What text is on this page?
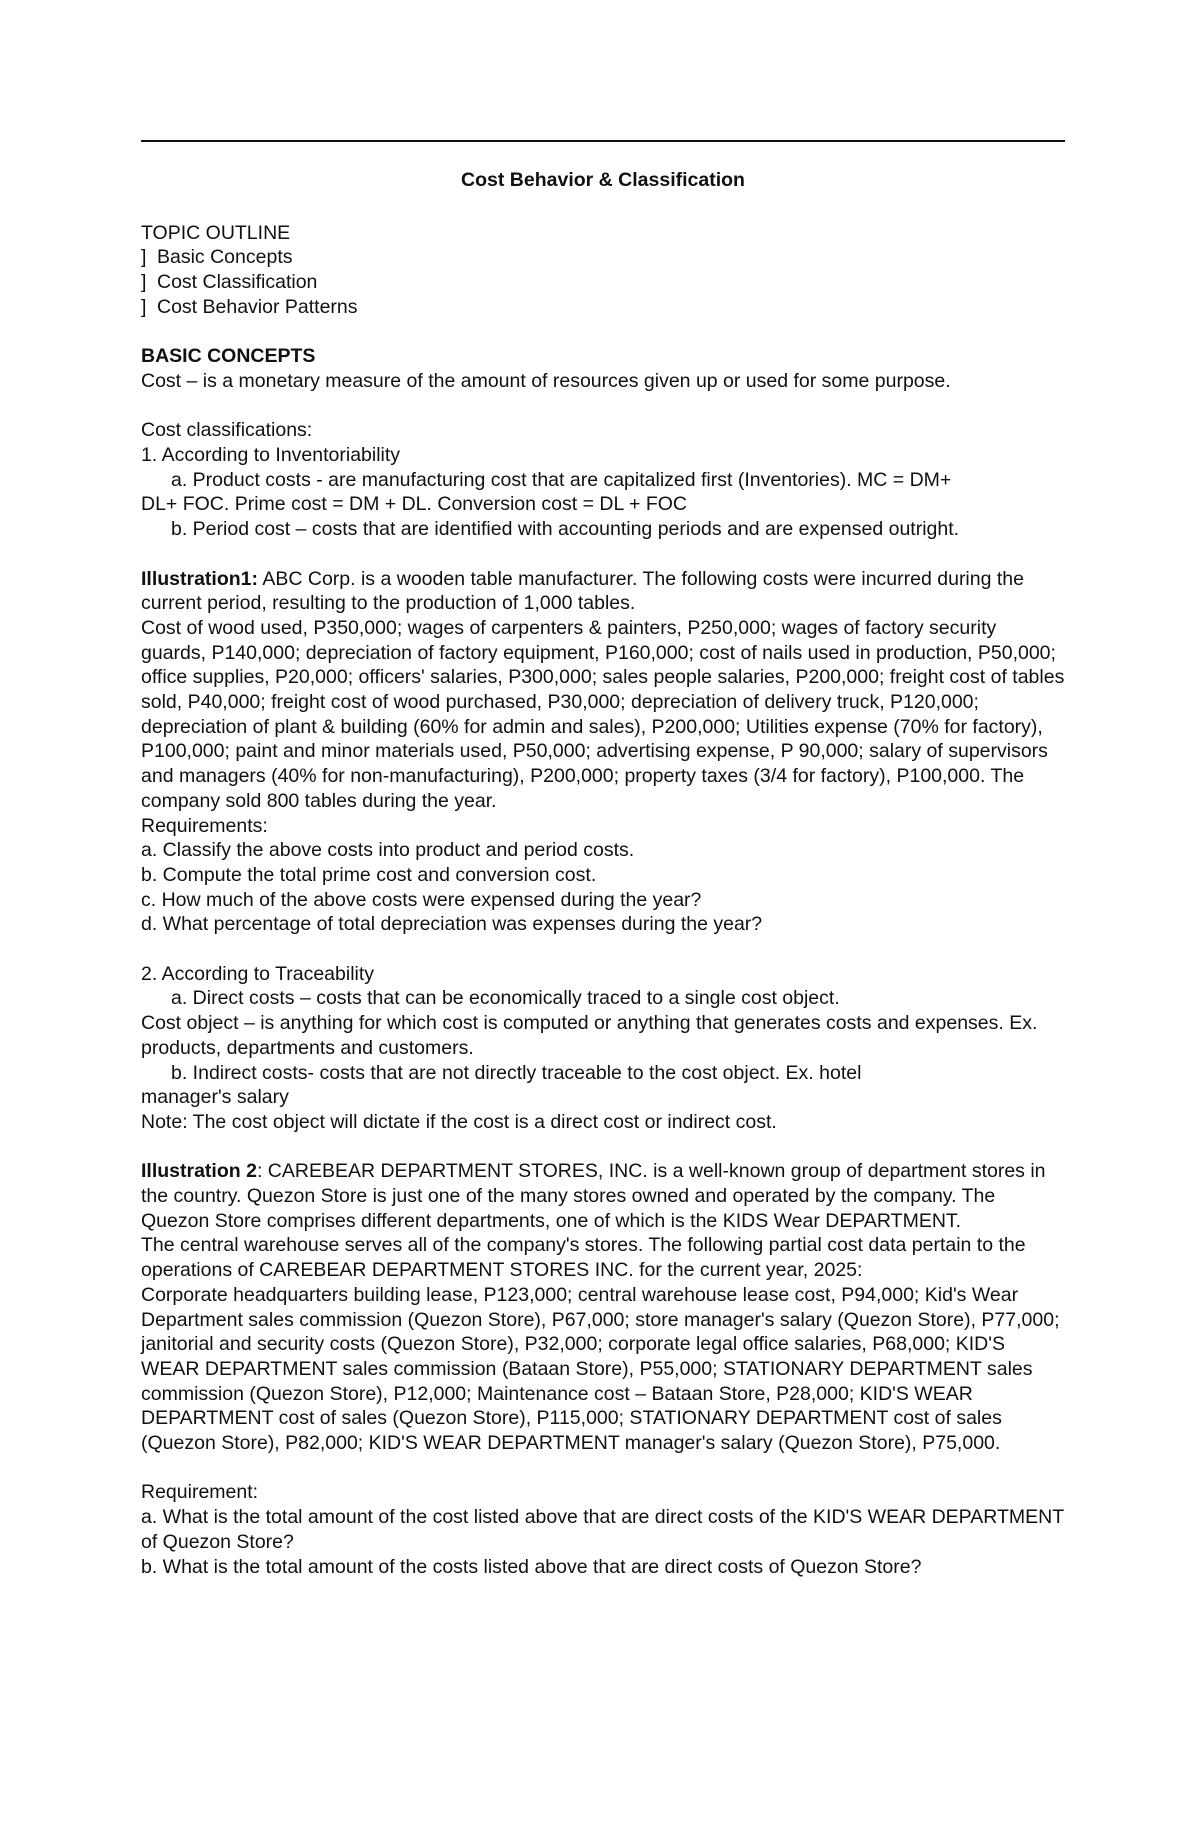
Cost Behavior & Classification

TOPIC OUTLINE

] Basic Concepts

] Cost Classification

] Cost Behavior Patterns

BASIC CONCEPTS

Cost – is a monetary measure of the amount of resources given up or used for some purpose.

Cost classifications:

1. According to Inventoriability

a. Product costs - are manufacturing cost that are capitalized first (Inventories). MC = DM+

DL+ FOC. Prime cost = DM + DL. Conversion cost = DL + FOC

b. Period cost – costs that are identified with accounting periods and are expensed outright.

Illustration1: ABC Corp. is a wooden table manufacturer. The following costs were incurred during the current period, resulting to the production of 1,000 tables.

Cost of wood used, P350,000; wages of carpenters & painters, P250,000; wages of factory security guards, P140,000; depreciation of factory equipment, P160,000; cost of nails used in production, P50,000; office supplies, P20,000; officers' salaries, P300,000; sales people salaries, P200,000; freight cost of tables sold, P40,000; freight cost of wood purchased, P30,000; depreciation of delivery truck, P120,000; depreciation of plant & building (60% for admin and sales), P200,000; Utilities expense (70% for factory), P100,000; paint and minor materials used, P50,000; advertising expense, P 90,000; salary of supervisors and managers (40% for non-manufacturing), P200,000; property taxes (3/4 for factory), P100,000. The company sold 800 tables during the year.

Requirements:

a. Classify the above costs into product and period costs.

b. Compute the total prime cost and conversion cost.

c. How much of the above costs were expensed during the year?

d. What percentage of total depreciation was expenses during the year?

2. According to Traceability

a. Direct costs – costs that can be economically traced to a single cost object.

Cost object – is anything for which cost is computed or anything that generates costs and expenses. Ex. products, departments and customers.

b. Indirect costs- costs that are not directly traceable to the cost object. Ex. hotel

manager's salary

Note: The cost object will dictate if the cost is a direct cost or indirect cost.

Illustration 2: CAREBEAR DEPARTMENT STORES, INC. is a well-known group of department stores in the country. Quezon Store is just one of the many stores owned and operated by the company. The Quezon Store comprises different departments, one of which is the KIDS Wear DEPARTMENT.

The central warehouse serves all of the company's stores. The following partial cost data pertain to the operations of CAREBEAR DEPARTMENT STORES INC. for the current year, 2025:

Corporate headquarters building lease, P123,000; central warehouse lease cost, P94,000; Kid's Wear Department sales commission (Quezon Store), P67,000; store manager's salary (Quezon Store), P77,000; janitorial and security costs (Quezon Store), P32,000; corporate legal office salaries, P68,000; KID'S WEAR DEPARTMENT sales commission (Bataan Store), P55,000; STATIONARY DEPARTMENT sales commission (Quezon Store), P12,000; Maintenance cost – Bataan Store, P28,000; KID'S WEAR DEPARTMENT cost of sales (Quezon Store), P115,000; STATIONARY DEPARTMENT cost of sales (Quezon Store), P82,000; KID'S WEAR DEPARTMENT manager's salary (Quezon Store), P75,000.

Requirement:

a. What is the total amount of the cost listed above that are direct costs of the KID'S WEAR DEPARTMENT of Quezon Store?

b. What is the total amount of the costs listed above that are direct costs of Quezon Store?
